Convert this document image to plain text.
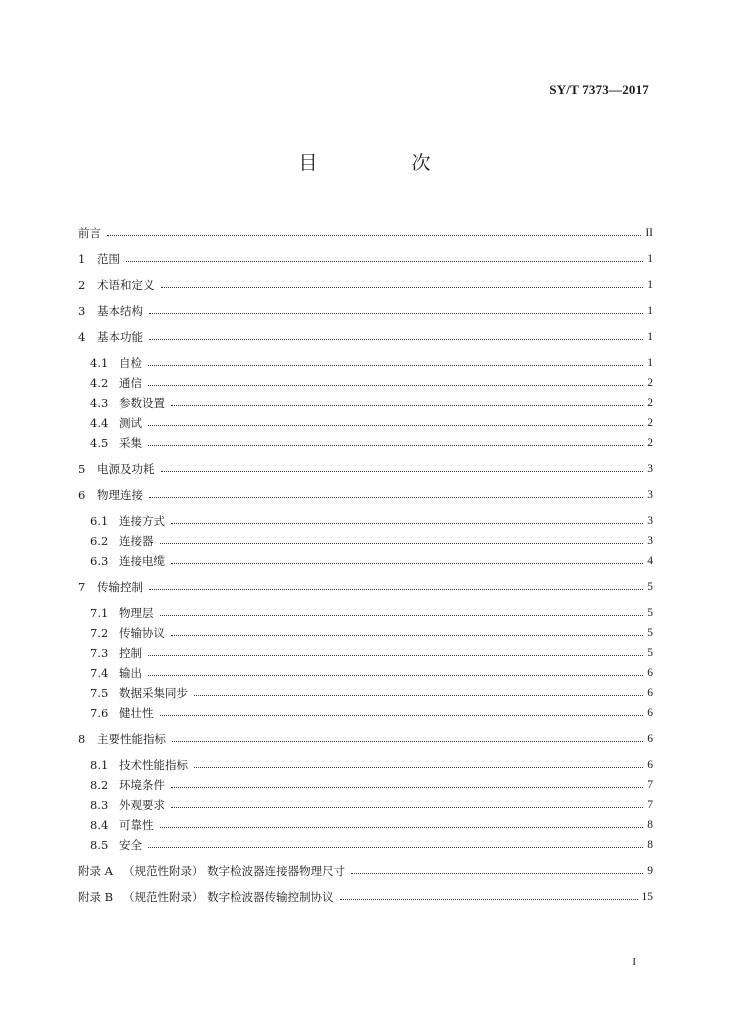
SY/T 7373—2017
目 次
前言	II
1 范围	1
2 术语和定义	1
3 基本结构	1
4 基本功能	1
4.1 自检	1
4.2 通信	2
4.3 参数设置	2
4.4 测试	2
4.5 采集	2
5 电源及功耗	3
6 物理连接	3
6.1 连接方式	3
6.2 连接器	3
6.3 连接电缆	4
7 传输控制	5
7.1 物理层	5
7.2 传输协议	5
7.3 控制	5
7.4 输出	6
7.5 数据采集同步	6
7.6 健壮性	6
8 主要性能指标	6
8.1 技术性能指标	6
8.2 环境条件	7
8.3 外观要求	7
8.4 可靠性	8
8.5 安全	8
附录 A （规范性附录） 数字检波器连接器物理尺寸	9
附录 B （规范性附录） 数字检波器传输控制协议	15
I
